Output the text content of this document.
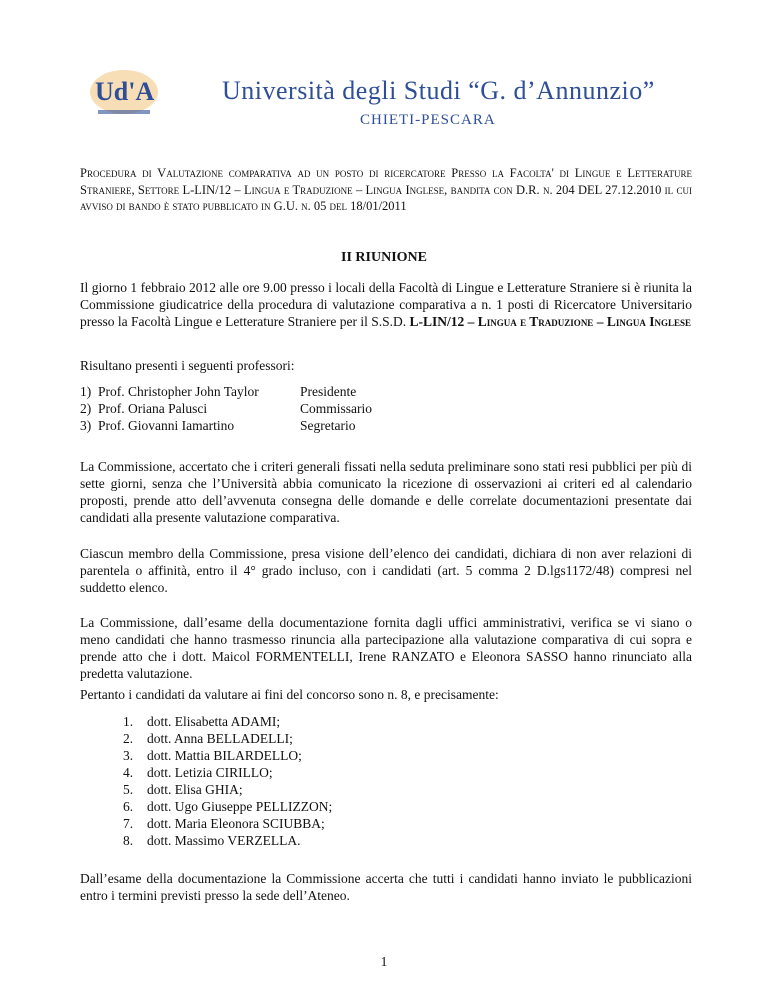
Ud'A	Università degli Studi “G. d’Annunzio”
CHIETI-PESCARA
Procedura di Valutazione comparativa ad un posto di ricercatore Presso la Facolta' di Lingue e Letterature Straniere, Settore L-LIN/12 – Lingua e Traduzione – Lingua Inglese, bandita con D.R. n. 204 DEL 27.12.2010 il cui avviso di bando è stato pubblicato in G.U. n. 05 del 18/01/2011
II RIUNIONE
Il giorno 1 febbraio 2012 alle ore 9.00 presso i locali della Facoltà di Lingue e Letterature Straniere si è riunita la Commissione giudicatrice della procedura di valutazione comparativa a n. 1 posti di Ricercatore Universitario presso la Facoltà Lingue e Letterature Straniere per il S.S.D. L-LIN/12 – Lingua e Traduzione – Lingua Inglese
Risultano presenti i seguenti professori:
1) Prof. Christopher John Taylor	Presidente
2) Prof. Oriana Palusci	Commissario
3) Prof. Giovanni Iamartino	Segretario
La Commissione, accertato che i criteri generali fissati nella seduta preliminare sono stati resi pubblici per più di sette giorni, senza che l’Università abbia comunicato la ricezione di osservazioni ai criteri ed al calendario proposti, prende atto dell’avvenuta consegna delle domande e delle correlate documentazioni presentate dai candidati alla presente valutazione comparativa.
Ciascun membro della Commissione, presa visione dell’elenco dei candidati, dichiara di non aver relazioni di parentela o affinità, entro il 4° grado incluso, con i candidati (art. 5 comma 2 D.lgs1172/48) compresi nel suddetto elenco.
La Commissione, dall’esame della documentazione fornita dagli uffici amministrativi, verifica se vi siano o meno candidati che hanno trasmesso rinuncia alla partecipazione alla valutazione comparativa di cui sopra e prende atto che i dott. Maicol FORMENTELLI, Irene RANZATO e Eleonora SASSO hanno rinunciato alla predetta valutazione.
Pertanto i candidati da valutare ai fini del concorso sono n. 8, e precisamente:
1.	dott. Elisabetta ADAMI;
2.	dott. Anna BELLADELLI;
3.	dott. Mattia BILARDELLO;
4.	dott. Letizia CIRILLO;
5.	dott. Elisa GHIA;
6.	dott. Ugo Giuseppe PELLIZZON;
7.	dott. Maria Eleonora SCIUBBA;
8.	dott. Massimo VERZELLA.
Dall’esame della documentazione la Commissione accerta che tutti i candidati hanno inviato le pubblicazioni entro i termini previsti presso la sede dell’Ateneo.
1
